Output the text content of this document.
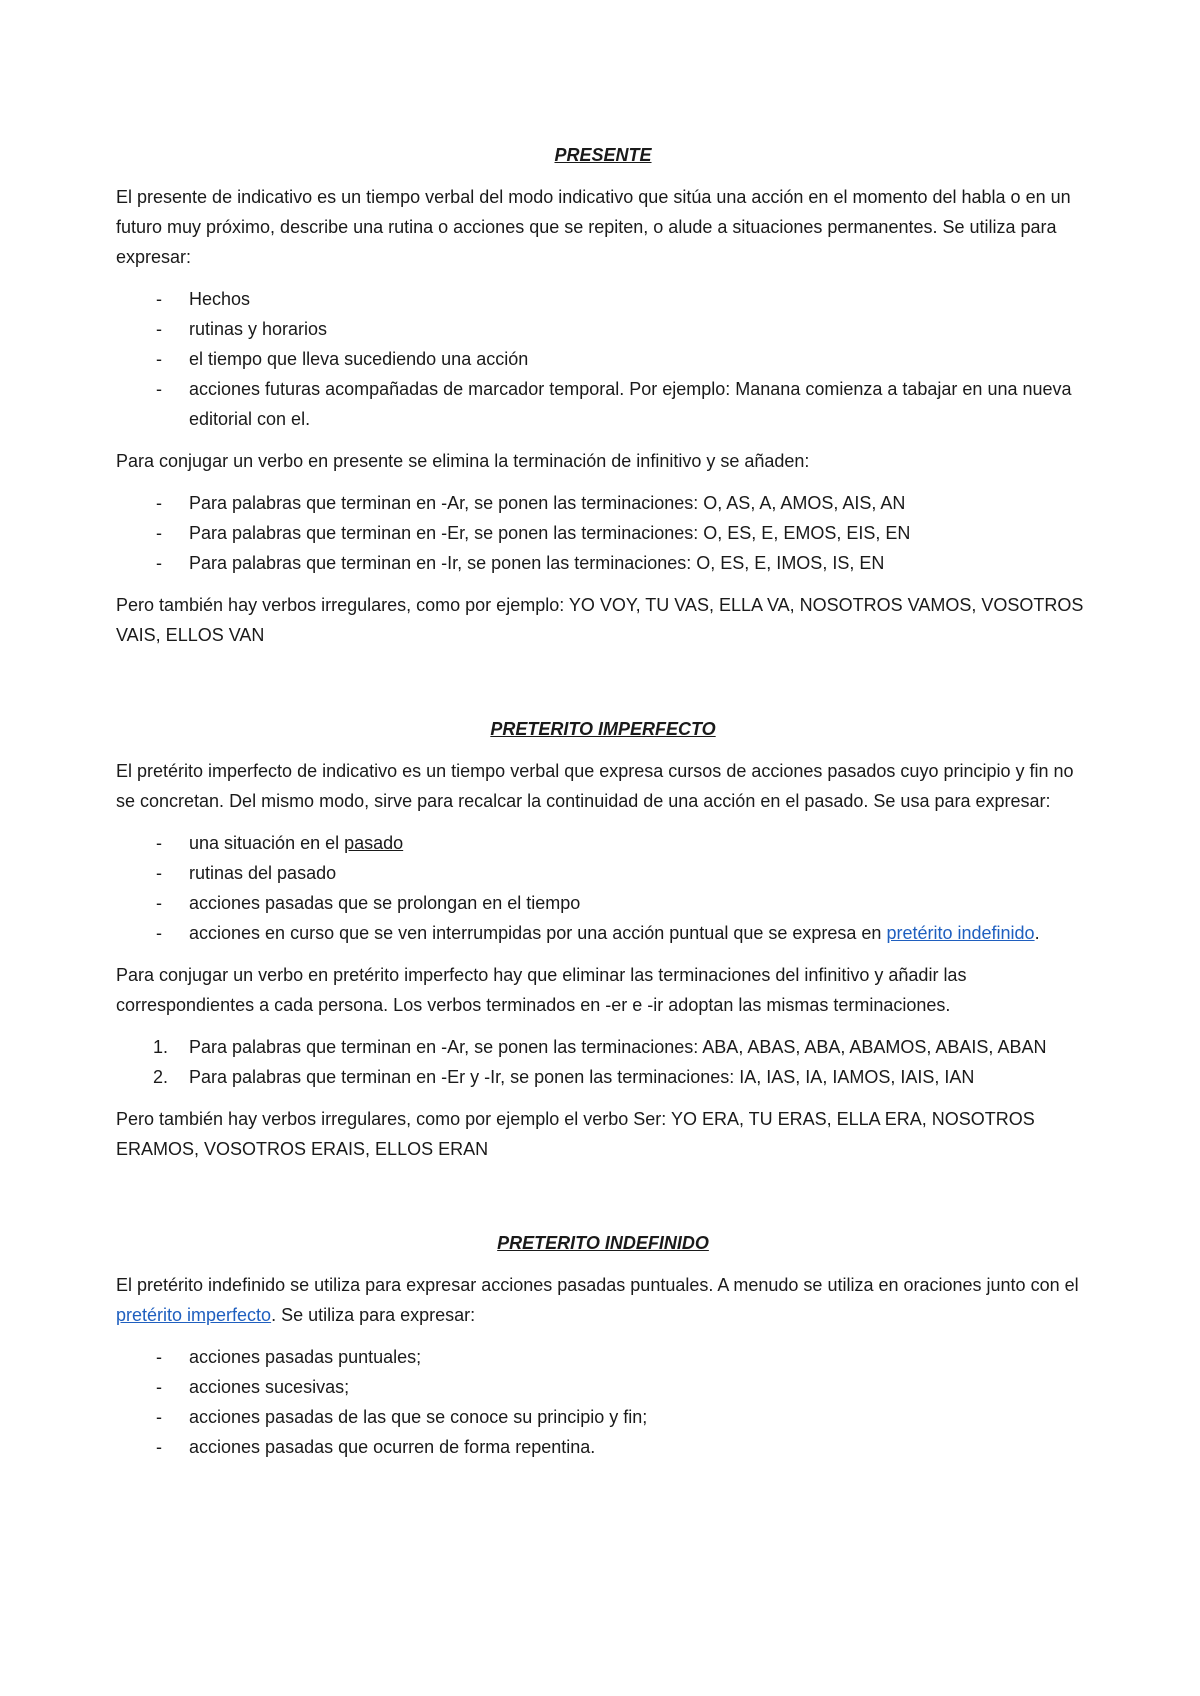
PRESENTE

El presente de indicativo es un tiempo verbal del modo indicativo que sitúa una acción en el momento del habla o en un futuro muy próximo, describe una rutina o acciones que se repiten, o alude a situaciones permanentes. Se utiliza para expresar:

- Hechos
- rutinas y horarios
- el tiempo que lleva sucediendo una acción
- acciones futuras acompañadas de marcador temporal. Por ejemplo: Manana comienza a tabajar en una nueva editorial con el.

Para conjugar un verbo en presente se elimina la terminación de infinitivo y se añaden:

- Para palabras que terminan en -Ar, se ponen las terminaciones: O, AS, A, AMOS, AIS, AN
- Para palabras que terminan en -Er, se ponen las terminaciones: O, ES, E, EMOS, EIS, EN
- Para palabras que terminan en -Ir, se ponen las terminaciones: O, ES, E, IMOS, IS, EN

Pero también hay verbos irregulares, como por ejemplo: YO VOY, TU VAS, ELLA VA, NOSOTROS VAMOS, VOSOTROS VAIS, ELLOS VAN

PRETERITO IMPERFECTO

El pretérito imperfecto de indicativo es un tiempo verbal que expresa cursos de acciones pasados cuyo principio y fin no se concretan. Del mismo modo, sirve para recalcar la continuidad de una acción en el pasado. Se usa para expresar:

- una situación en el pasado
- rutinas del pasado
- acciones pasadas que se prolongan en el tiempo
- acciones en curso que se ven interrumpidas por una acción puntual que se expresa en pretérito indefinido.

Para conjugar un verbo en pretérito imperfecto hay que eliminar las terminaciones del infinitivo y añadir las correspondientes a cada persona. Los verbos terminados en -er e -ir adoptan las mismas terminaciones.

1. Para palabras que terminan en -Ar, se ponen las terminaciones: ABA, ABAS, ABA, ABAMOS, ABAIS, ABAN
2. Para palabras que terminan en -Er y -Ir, se ponen las terminaciones: IA, IAS, IA, IAMOS, IAIS, IAN

Pero también hay verbos irregulares, como por ejemplo el verbo Ser: YO ERA, TU ERAS, ELLA ERA, NOSOTROS ERAMOS, VOSOTROS ERAIS, ELLOS ERAN

PRETERITO INDEFINIDO

El pretérito indefinido se utiliza para expresar acciones pasadas puntuales. A menudo se utiliza en oraciones junto con el pretérito imperfecto. Se utiliza para expresar:

- acciones pasadas puntuales;
- acciones sucesivas;
- acciones pasadas de las que se conoce su principio y fin;
- acciones pasadas que ocurren de forma repentina.
